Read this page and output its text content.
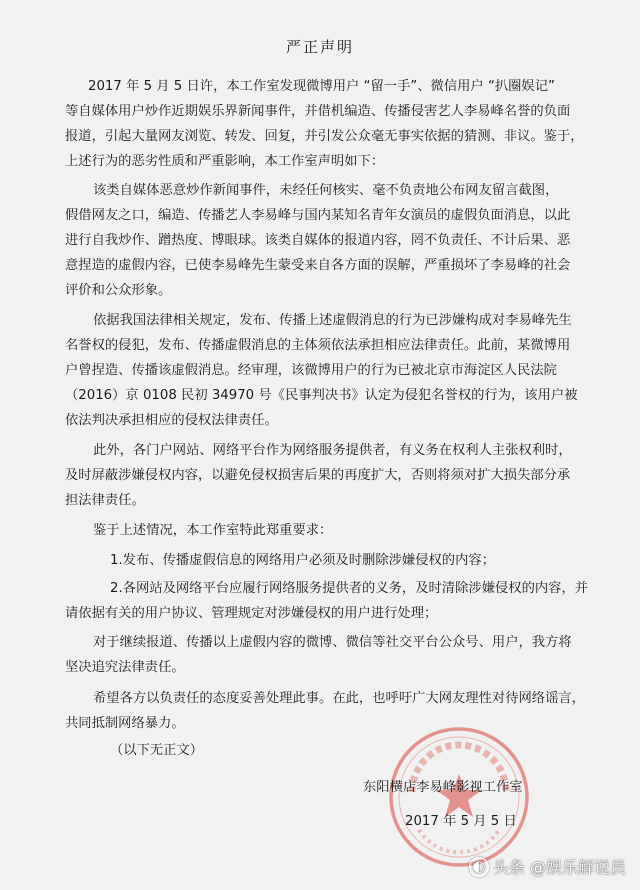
严正声明
2017 年 5 月 5 日许，本工作室发现微博用户 “留一手”、微信用户 “扒圈娱记”
等自媒体用户炒作近期娱乐界新闻事件，并借机编造、传播侵害艺人李易峰名誉的负面
报道，引起大量网友浏览、转发、回复，并引发公众毫无事实依据的猜测、非议。鉴于，
上述行为的恶劣性质和严重影响，本工作室声明如下：
该类自媒体恶意炒作新闻事件，未经任何核实、毫不负责地公布网友留言截图，
假借网友之口，编造、传播艺人李易峰与国内某知名青年女演员的虚假负面消息，以此
进行自我炒作、蹭热度、博眼球。该类自媒体的报道内容，罔不负责任、不计后果、恶
意捏造的虚假内容，已使李易峰先生蒙受来自各方面的误解，严重损坏了李易峰的社会
评价和公众形象。
依据我国法律相关规定，发布、传播上述虚假消息的行为已涉嫌构成对李易峰先生
名誉权的侵犯，发布、传播虚假消息的主体须依法承担相应法律责任。此前，某微博用
户曾捏造、传播该虚假消息。经审理，该微博用户的行为已被北京市海淀区人民法院
（2016）京 0108 民初 34970 号《民事判决书》认定为侵犯名誉权的行为，该用户被
依法判决承担相应的侵权法律责任。
此外，各门户网站、网络平台作为网络服务提供者，有义务在权利人主张权利时，
及时屏蔽涉嫌侵权内容，以避免侵权损害后果的再度扩大，否则将须对扩大损失部分承
担法律责任。
鉴于上述情况，本工作室特此郑重要求：
1.发布、传播虚假信息的网络用户必须及时删除涉嫌侵权的内容；
2.各网站及网络平台应履行网络服务提供者的义务，及时清除涉嫌侵权的内容，并
请依据有关的用户协议、管理规定对涉嫌侵权的用户进行处理；
对于继续报道、传播以上虚假内容的微博、微信等社交平台公众号、用户，我方将
坚决追究法律责任。
希望各方以负责任的态度妥善处理此事。在此，也呼吁广大网友理性对待网络谣言，
共同抵制网络暴力。
（以下无正文）
东阳横店李易峰影视工作室
2017 年 5 月 5 日
◐ 头条 @娱乐解说员
